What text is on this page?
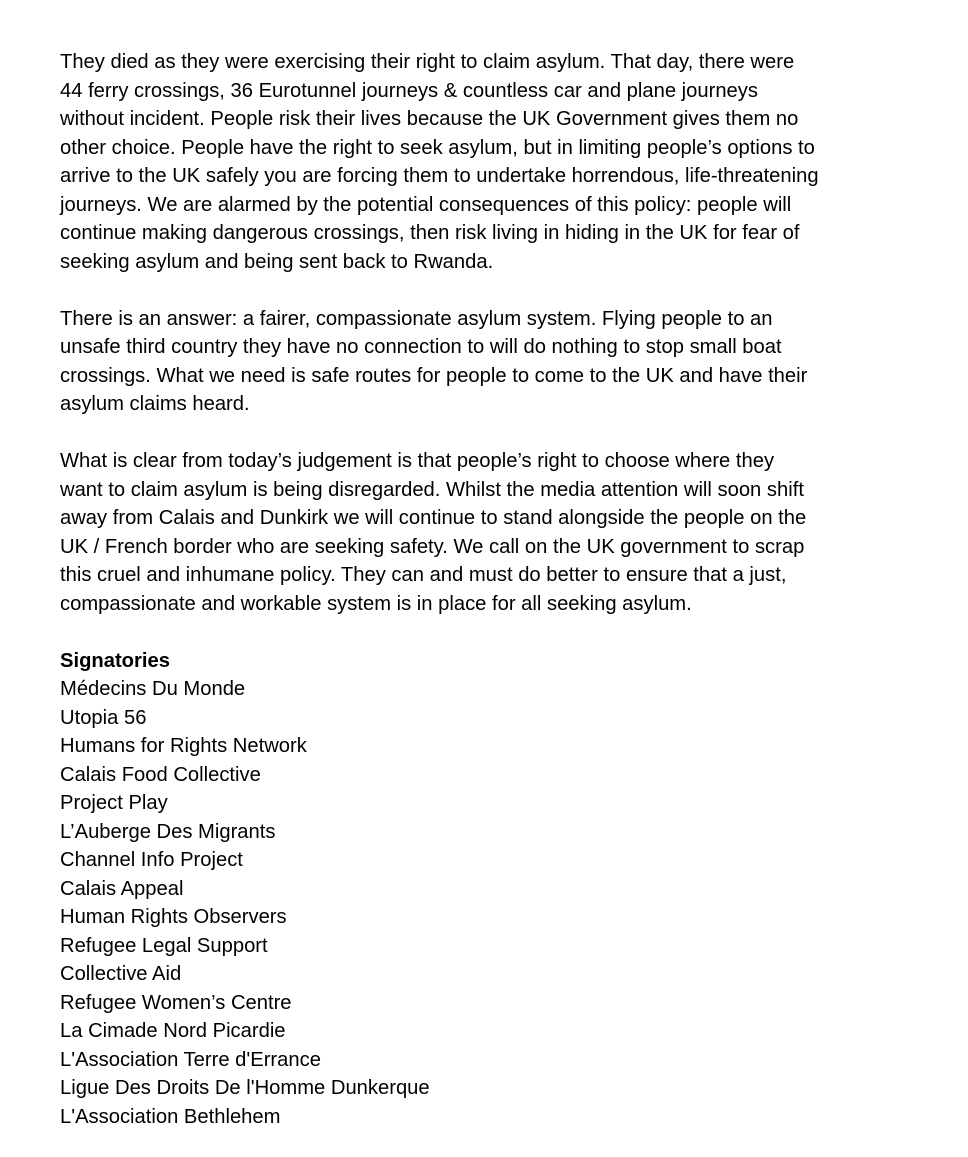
They died as they were exercising their right to claim asylum. That day, there were
44 ferry crossings, 36 Eurotunnel journeys & countless car and plane journeys
without incident. People risk their lives because the UK Government gives them no
other choice. People have the right to seek asylum, but in limiting people’s options to
arrive to the UK safely you are forcing them to undertake horrendous, life-threatening
journeys. We are alarmed by the potential consequences of this policy: people will
continue making dangerous crossings, then risk living in hiding in the UK for fear of
seeking asylum and being sent back to Rwanda.
There is an answer: a fairer, compassionate asylum system. Flying people to an
unsafe third country they have no connection to will do nothing to stop small boat
crossings. What we need is safe routes for people to come to the UK and have their
asylum claims heard.
What is clear from today’s judgement is that people’s right to choose where they
want to claim asylum is being disregarded. Whilst the media attention will soon shift
away from Calais and Dunkirk we will continue to stand alongside the people on the
UK / French border who are seeking safety. We call on the UK government to scrap
this cruel and inhumane policy. They can and must do better to ensure that a just,
compassionate and workable system is in place for all seeking asylum.
Signatories
Médecins Du Monde
Utopia 56
Humans for Rights Network
Calais Food Collective
Project Play
L’Auberge Des Migrants
Channel Info Project
Calais Appeal
Human Rights Observers
Refugee Legal Support
Collective Aid
Refugee Women’s Centre
La Cimade Nord Picardie
L'Association Terre d'Errance
Ligue Des Droits De l'Homme Dunkerque
L'Association Bethlehem
